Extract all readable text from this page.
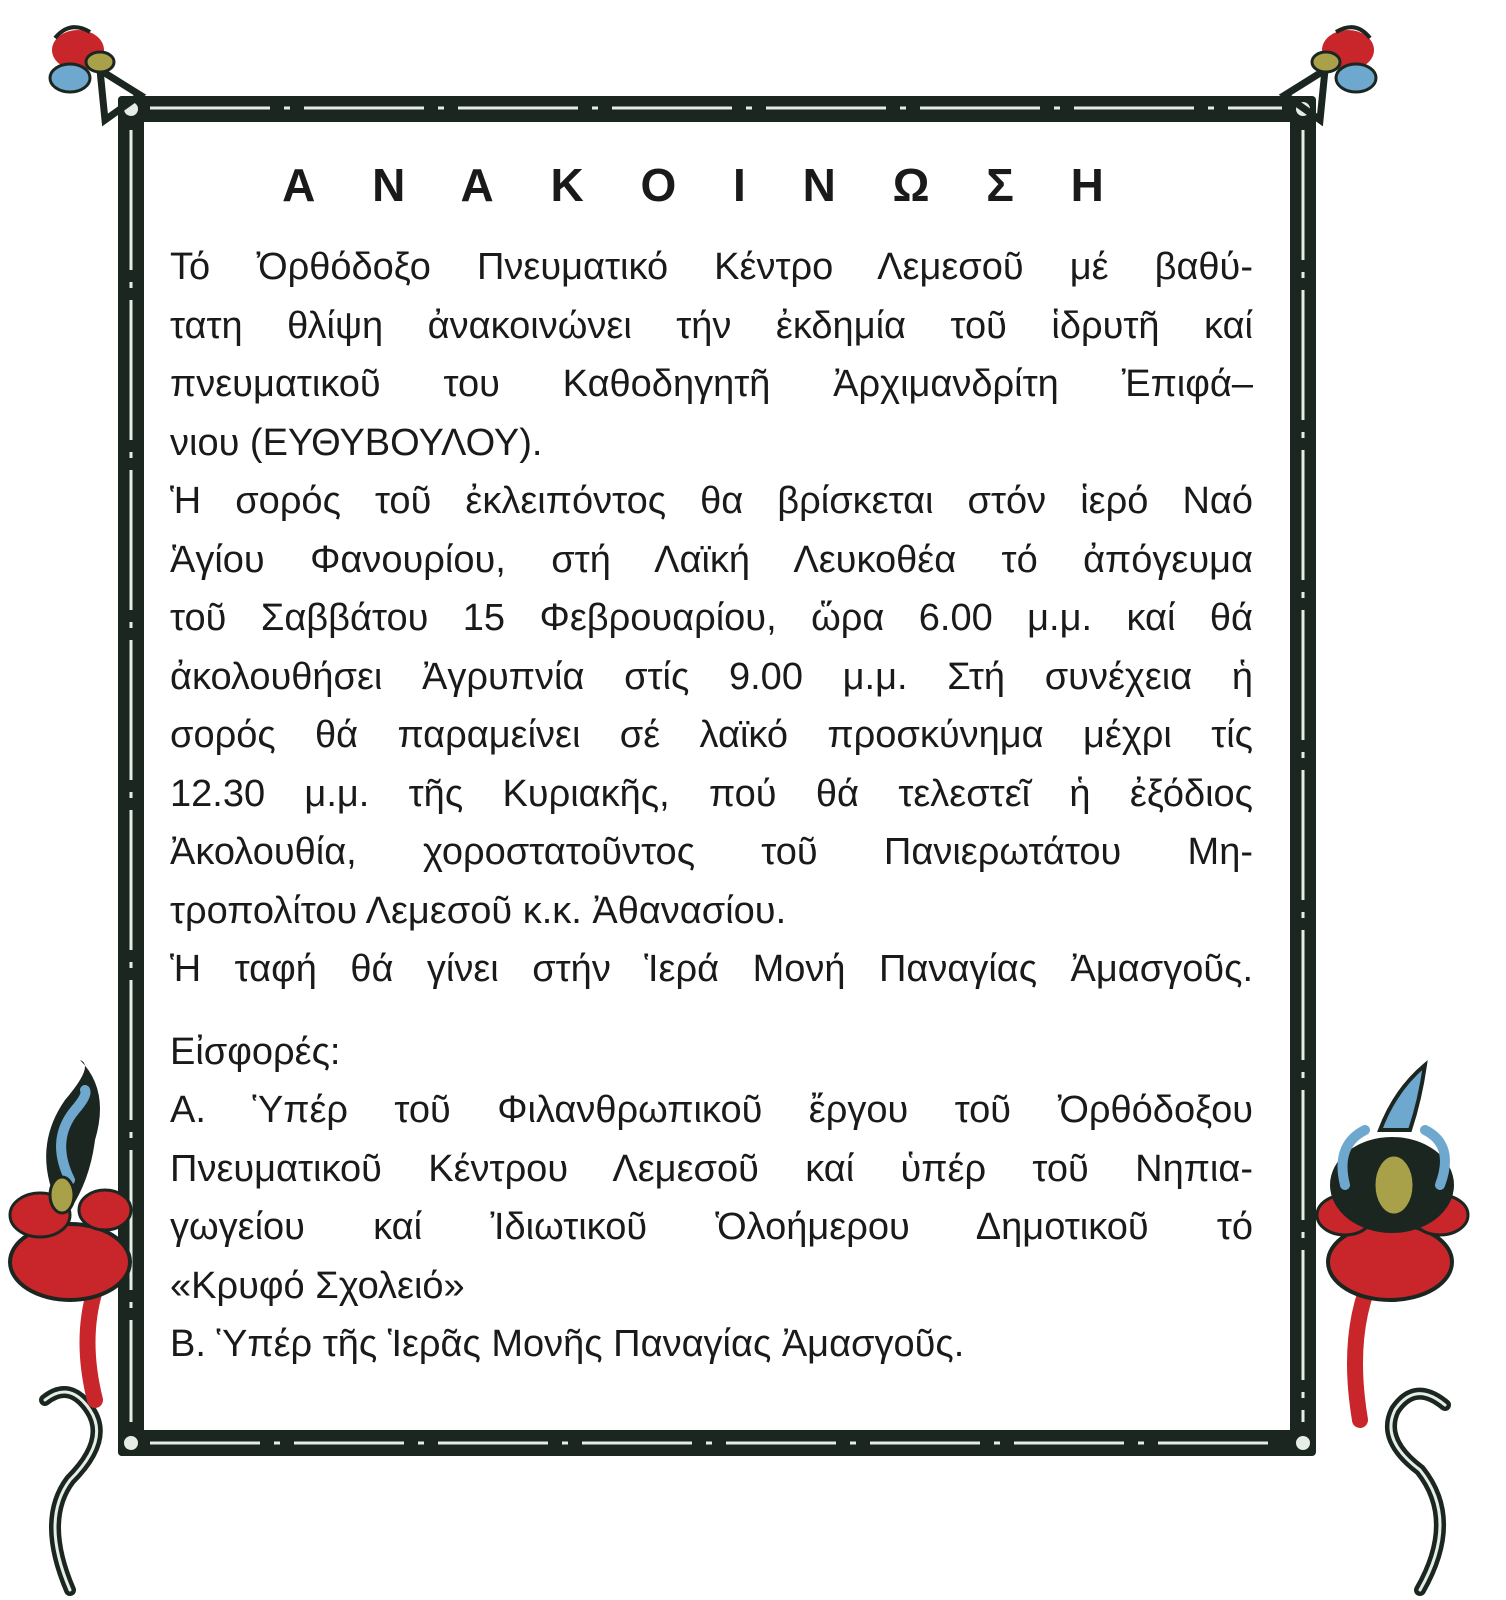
Α Ν Α Κ Ο Ι Ν Ω Σ Η
Τό Ὀρθόδοξο Πνευματικό Κέντρο Λεμεσοῦ μέ βαθύ-
τατη θλίψη ἀνακοινώνει τήν ἐκδημία τοῦ ἱδρυτῆ καί
πνευματικοῦ του Καθοδηγητῆ Ἀρχιμανδρίτη Ἐπιφά–
νιου (ΕΥΘΥΒΟΥΛΟΥ).
Ἡ σορός τοῦ ἐκλειπόντος θα βρίσκεται στόν ἱερό Ναό
Ἁγίου Φανουρίου, στή Λαϊκή Λευκοθέα τό ἀπόγευμα
τοῦ Σαββάτου 15 Φεβρουαρίου, ὥρα 6.00 μ.μ. καί θά
ἀκολουθήσει Ἀγρυπνία στίς 9.00 μ.μ. Στή συνέχεια ἡ
σορός θά παραμείνει σέ λαϊκό προσκύνημα μέχρι τίς
12.30 μ.μ. τῆς Κυριακῆς, πού θά τελεστεῖ ἡ ἐξόδιος
Ἀκολουθία, χοροστατοῦντος τοῦ Πανιερωτάτου Μη-
τροπολίτου Λεμεσοῦ κ.κ. Ἀθανασίου.
Ἡ ταφή θά γίνει στήν Ἱερά Μονή Παναγίας Ἀμασγοῦς.
Εἰσφορές:
Α. Ὑπέρ τοῦ Φιλανθρωπικοῦ ἔργου τοῦ Ὀρθόδοξου
Πνευματικοῦ Κέντρου Λεμεσοῦ καί ὑπέρ τοῦ Νηπια-
γωγείου καί Ἰδιωτικοῦ Ὁλοήμερου Δημοτικοῦ τό
«Κρυφό Σχολειό»
Β. Ὑπέρ τῆς Ἱερᾶς Μονῆς Παναγίας Ἀμασγοῦς.
